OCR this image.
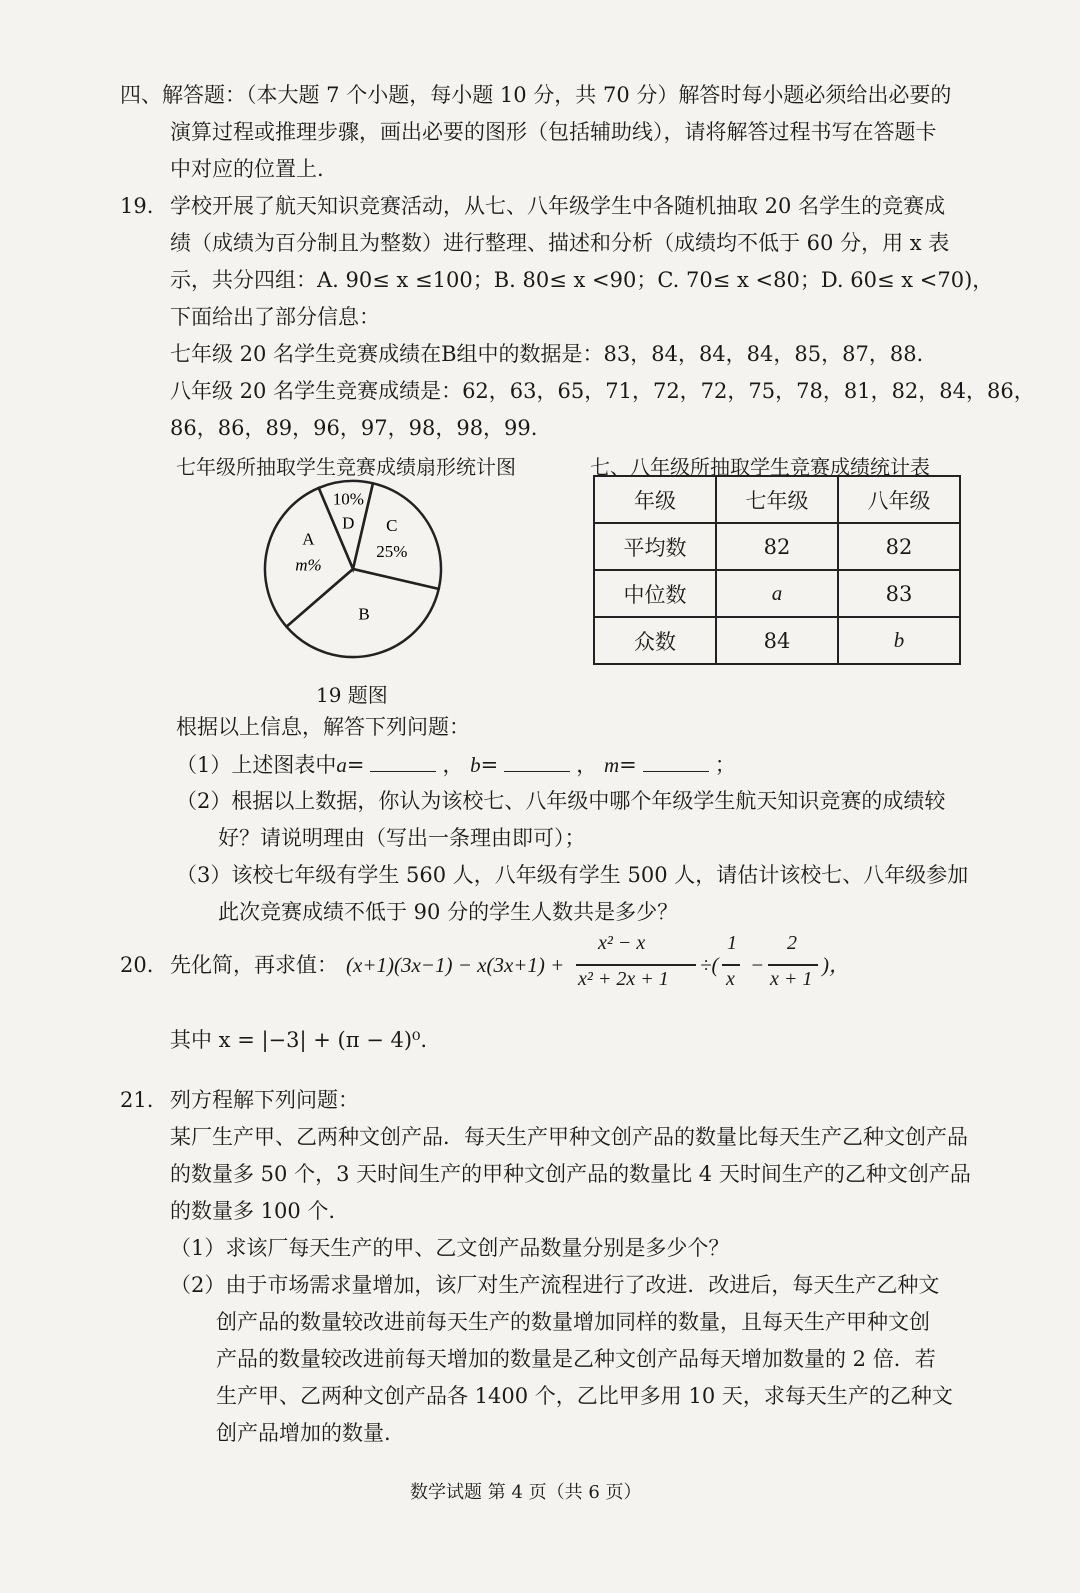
四、解答题：（本大题 7 个小题，每小题 10 分，共 70 分）解答时每小题必须给出必要的
演算过程或推理步骤，画出必要的图形（包括辅助线），请将解答过程书写在答题卡
中对应的位置上.
19. 学校开展了航天知识竞赛活动，从七、八年级学生中各随机抽取 20 名学生的竞赛成
绩（成绩为百分制且为整数）进行整理、描述和分析（成绩均不低于 60 分，用 x 表
示，共分四组：A. 90≤ x ≤100；B. 80≤ x <90；C. 70≤ x <80；D. 60≤ x <70)，
下面给出了部分信息：
七年级 20 名学生竞赛成绩在B组中的数据是：83，84，84，84，85，87，88.
八年级 20 名学生竞赛成绩是：62，63，65，71，72，72，75，78，81，82，84，86，
86，86，89，96，97，98，98，99.
七年级所抽取学生竞赛成绩扇形统计图	七、八年级所抽取学生竞赛成绩统计表
D
10%
C
25%
B
A
m%
19 题图
年级	七年级	八年级
平均数	82	82
中位数	a	83
众数	84	b
根据以上信息，解答下列问题：
（1）上述图表中a=	， b=	， m=	；
（2）根据以上数据，你认为该校七、八年级中哪个年级学生航天知识竞赛的成绩较
好？请说明理由（写出一条理由即可）；
（3）该校七年级有学生 560 人，八年级有学生 500 人，请估计该校七、八年级参加
此次竞赛成绩不低于 90 分的学生人数共是多少？
20. 先化简，再求值： (x+1)(3x−1) − x(3x+1) +
x² − x
x² + 2x + 1
÷(
1
x
−
2
x + 1
)，
其中 x = |−3| + (π − 4)⁰.
21. 列方程解下列问题：
某厂生产甲、乙两种文创产品．每天生产甲种文创产品的数量比每天生产乙种文创产品
的数量多 50 个，3 天时间生产的甲种文创产品的数量比 4 天时间生产的乙种文创产品
的数量多 100 个.
（1）求该厂每天生产的甲、乙文创产品数量分别是多少个？
（2）由于市场需求量增加，该厂对生产流程进行了改进．改进后，每天生产乙种文
创产品的数量较改进前每天生产的数量增加同样的数量，且每天生产甲种文创
产品的数量较改进前每天增加的数量是乙种文创产品每天增加数量的 2 倍．若
生产甲、乙两种文创产品各 1400 个，乙比甲多用 10 天，求每天生产的乙种文
创产品增加的数量.
数学试题 第 4 页（共 6 页）
